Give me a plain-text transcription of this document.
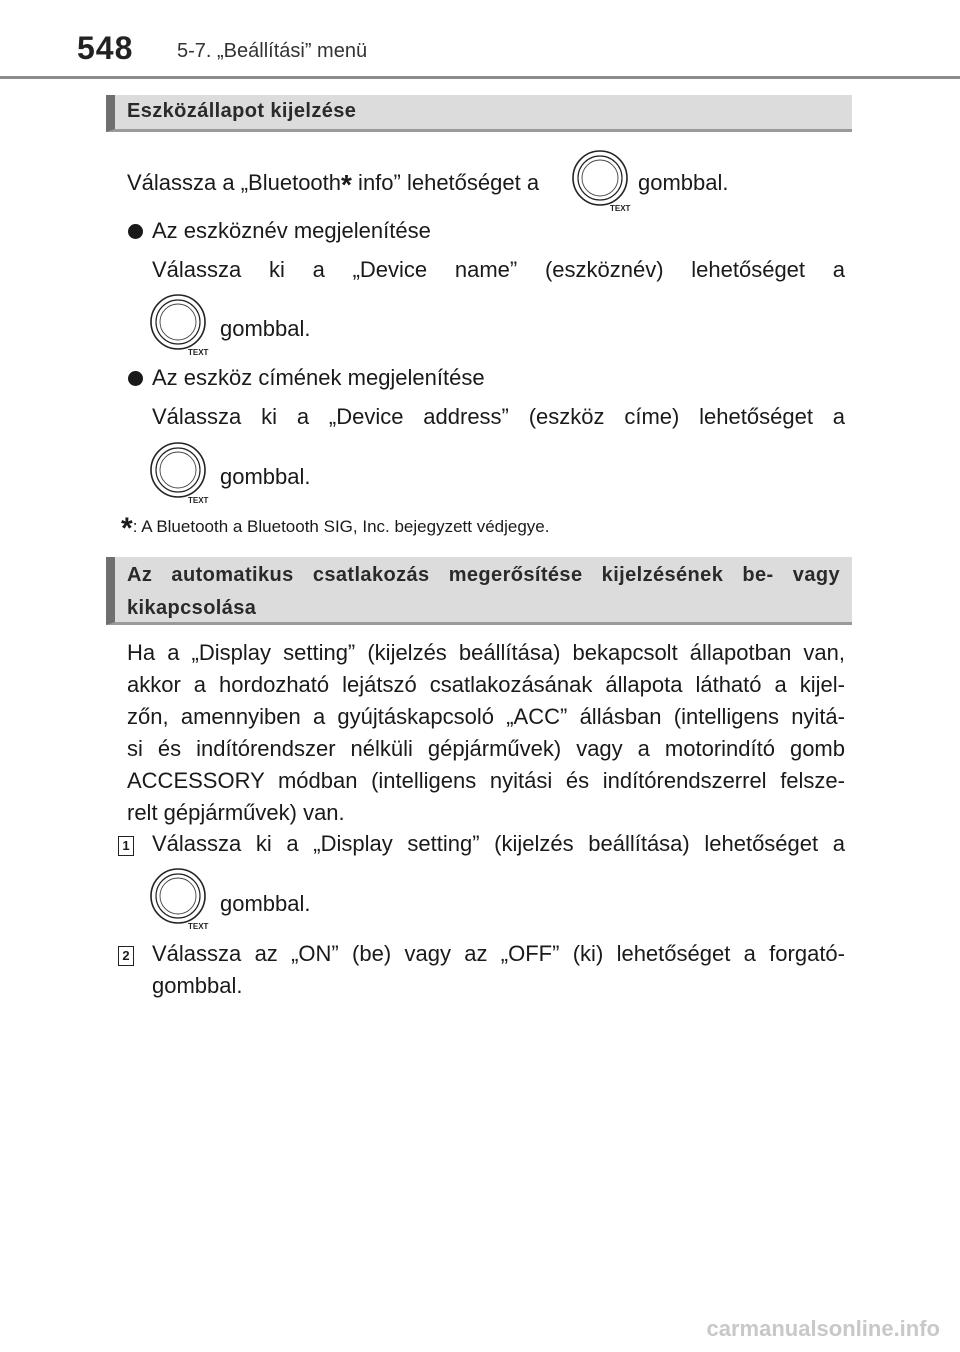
548 5-7. „Beállítási” menü
Eszközállapot kijelzése
Válassza a „Bluetooth* info” lehetőséget a
TEXT
gombbal.
Az eszköznév megjelenítése
Válassza ki a „Device name” (eszköznév) lehetőséget a
TEXT
gombbal.
Az eszköz címének megjelenítése
Válassza ki a „Device address” (eszköz címe) lehetőséget a
TEXT
gombbal.
*: A Bluetooth a Bluetooth SIG, Inc. bejegyzett védjegye.
Az automatikus csatlakozás megerősítése kijelzésének be- vagy kikapcsolása
Ha a „Display setting” (kijelzés beállítása) bekapcsolt állapotban van,
akkor a hordozható lejátszó csatlakozásának állapota látható a kijel-
zőn, amennyiben a gyújtáskapcsoló „ACC” állásban (intelligens nyitá-
si és indítórendszer nélküli gépjárművek) vagy a motorindító gomb
ACCESSORY módban (intelligens nyitási és indítórendszerrel felsze-
relt gépjárművek) van.
1 Válassza ki a „Display setting” (kijelzés beállítása) lehetőséget a
TEXT
gombbal.
2 Válassza az „ON” (be) vagy az „OFF” (ki) lehetőséget a forgató-
gombbal.
carmanualsonline.info
